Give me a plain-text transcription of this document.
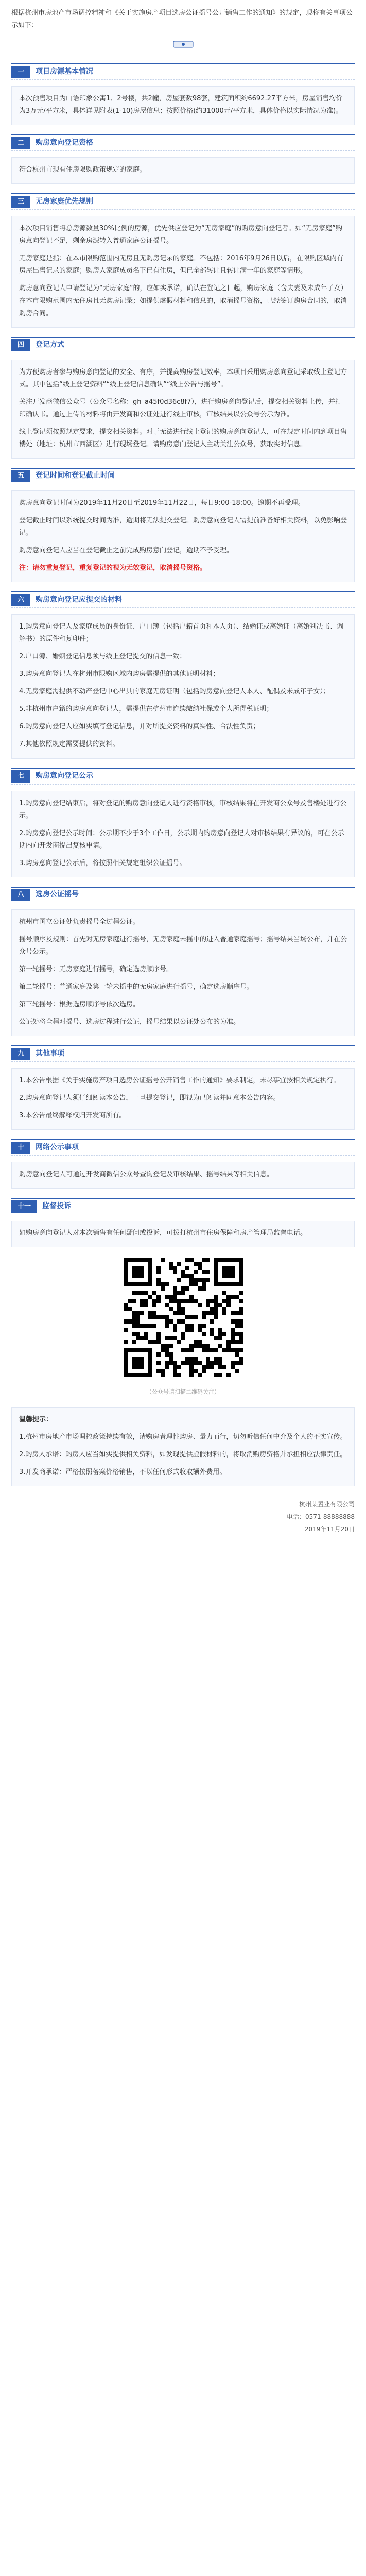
根据杭州市房地产市场调控精神和《关于实施房产项目选房公证摇号公开销售工作的通知》的规定，现将有关事项公示如下：

一	项目房源基本情况

本次预售项目为山语印象公寓1、2号楼，共2幢，房屋套数98套，建筑面积约6692.27平方米，房屋销售均价为3万元/平方米，具体详见附表(1-10)房屋信息；按照价格(约31000元/平方米，具体价格以实际情况为准)。

二	购房意向登记资格

符合杭州市现有住房限购政策规定的家庭。

三	无房家庭优先规则

本次项目销售将总房源数量30%比例的房源，优先供应登记为“无房家庭”的购房意向登记者。如“无房家庭”购房意向登记不足，剩余房源转入普通家庭公证摇号。

无房家庭是指：在本市限购范围内无房且无购房记录的家庭。不包括：2016年9月26日以后，在限购区域内有房屋出售记录的家庭；购房人家庭成员名下已有住房，但已全部转让且转让满一年的家庭等情形。

购房意向登记人申请登记为“无房家庭”的，应如实承诺，确认在登记之日起，购房家庭（含夫妻及未成年子女）在本市限购范围内无住房且无购房记录；如提供虚假材料和信息的，取消摇号资格，已经签订购房合同的，取消购房合同。

四	登记方式

为方便购房者参与购房意向登记的安全、有序，并提高购房登记效率，本项目采用购房意向登记采取线上登记方式。其中包括“线上登记资料”“线上登记信息确认”“线上公告与摇号”。

关注开发商微信公众号（公众号名称：gh_a45f0d36c8f7），进行购房意向登记后，提交相关资料上传，并打印确认书。通过上传的材料将由开发商和公证处进行线上审核，审核结果以公众号公示为准。

线上登记须按照规定要求，提交相关资料。对于无法进行线上登记的购房意向登记人，可在规定时间内到项目售楼处（地址：杭州市西湖区）进行现场登记。请购房意向登记人主动关注公众号，获取实时信息。

五	登记时间和登记截止时间

购房意向登记时间为2019年11月20日至2019年11月22日，每日9:00-18:00。逾期不再受理。

登记截止时间以系统提交时间为准，逾期将无法提交登记。购房意向登记人需提前准备好相关资料，以免影响登记。

购房意向登记人应当在登记截止之前完成购房意向登记，逾期不予受理。

注：请勿重复登记，重复登记的视为无效登记，取消摇号资格。

六	购房意向登记应提交的材料

1.购房意向登记人及家庭成员的身份证、户口簿（包括户籍首页和本人页）、结婚证或离婚证（离婚判决书、调解书）的原件和复印件；

2.户口簿、婚姻登记信息须与线上登记提交的信息一致；

3.购房意向登记人在杭州市限购区域内购房需提供的其他证明材料；

4.无房家庭需提供不动产登记中心出具的家庭无房证明（包括购房意向登记人本人、配偶及未成年子女）；

5.非杭州市户籍的购房意向登记人，需提供在杭州市连续缴纳社保或个人所得税证明；

6.购房意向登记人应如实填写登记信息，并对所提交资料的真实性、合法性负责；

7.其他依照规定需要提供的资料。

七	购房意向登记公示

1.购房意向登记结束后，将对登记的购房意向登记人进行资格审核，审核结果将在开发商公众号及售楼处进行公示。

2.购房意向登记公示时间：公示期不少于3个工作日，公示期内购房意向登记人对审核结果有异议的，可在公示期内向开发商提出复核申请。

3.购房意向登记公示后，将按照相关规定组织公证摇号。

八	选房公证摇号

杭州市国立公证处负责摇号全过程公证。

摇号顺序及规则：首先对无房家庭进行摇号，无房家庭未摇中的进入普通家庭摇号；摇号结果当场公布，并在公众号公示。

第一轮摇号：无房家庭进行摇号，确定选房顺序号。

第二轮摇号：普通家庭及第一轮未摇中的无房家庭进行摇号，确定选房顺序号。

第三轮摇号：根据选房顺序号依次选房。

公证处将全程对摇号、选房过程进行公证，摇号结果以公证处公布的为准。

九	其他事项

1.本公告根据《关于实施房产项目选房公证摇号公开销售工作的通知》要求制定，未尽事宜按相关规定执行。

2.购房意向登记人须仔细阅读本公告，一旦提交登记，即视为已阅读并同意本公告内容。

3.本公告最终解释权归开发商所有。

十	网络公示事项

购房意向登记人可通过开发商微信公众号查询登记及审核结果、摇号结果等相关信息。

十一	监督投诉

如购房意向登记人对本次销售有任何疑问或投诉，可拨打杭州市住房保障和房产管理局监督电话。

（公众号请扫描二维码关注）

温馨提示：

1.杭州市房地产市场调控政策持续有效，请购房者理性购房、量力而行，切勿听信任何中介及个人的不实宣传。

2.购房人承诺：购房人应当如实提供相关资料，如发现提供虚假材料的，将取消购房资格并承担相应法律责任。

3.开发商承诺：严格按照备案价格销售，不以任何形式收取额外费用。

杭州某置业有限公司

电话：0571-88888888

2019年11月20日
